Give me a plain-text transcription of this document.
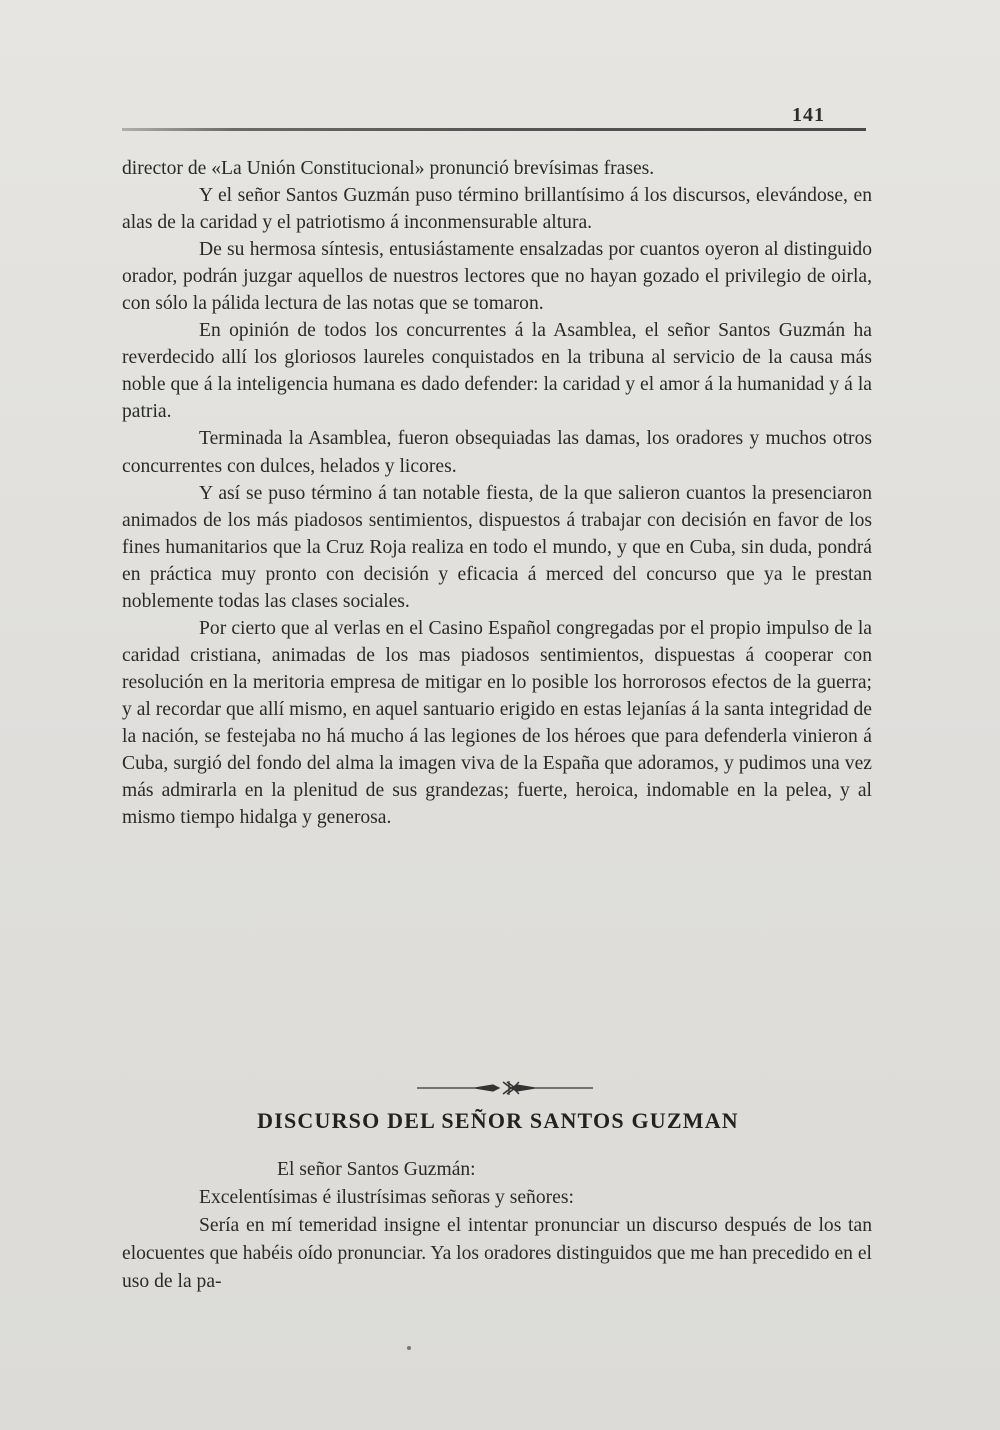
141

director de «La Unión Constitucional» pronunció brevísimas frases.

Y el señor Santos Guzmán puso término brillantísimo á los discursos, elevándose, en alas de la caridad y el patriotismo á inconmensurable altura.

De su hermosa síntesis, entusiástamente ensalzadas por cuantos oyeron al distinguido orador, podrán juzgar aquellos de nuestros lectores que no hayan gozado el privilegio de oirla, con sólo la pálida lectura de las notas que se tomaron.

En opinión de todos los concurrentes á la Asamblea, el señor Santos Guzmán ha reverdecido allí los gloriosos laureles conquistados en la tribuna al servicio de la causa más noble que á la inteligencia humana es dado defender: la caridad y el amor á la humanidad y á la patria.

Terminada la Asamblea, fueron obsequiadas las damas, los oradores y muchos otros concurrentes con dulces, helados y licores.

Y así se puso término á tan notable fiesta, de la que salieron cuantos la presenciaron animados de los más piadosos sentimientos, dispuestos á trabajar con decisión en favor de los fines humanitarios que la Cruz Roja realiza en todo el mundo, y que en Cuba, sin duda, pondrá en práctica muy pronto con decisión y eficacia á merced del concurso que ya le prestan noblemente todas las clases sociales.

Por cierto que al verlas en el Casino Español congregadas por el propio impulso de la caridad cristiana, animadas de los mas piadosos sentimientos, dispuestas á cooperar con resolución en la meritoria empresa de mitigar en lo posible los horrorosos efectos de la guerra; y al recordar que allí mismo, en aquel santuario erigido en estas lejanías á la santa integridad de la nación, se festejaba no há mucho á las legiones de los héroes que para defenderla vinieron á Cuba, surgió del fondo del alma la imagen viva de la España que adoramos, y pudimos una vez más admirarla en la plenitud de sus grandezas; fuerte, heroica, indomable en la pelea, y al mismo tiempo hidalga y generosa.

DISCURSO DEL SEÑOR SANTOS GUZMAN

El señor Santos Guzmán:

Excelentísimas é ilustrísimas señoras y señores:

Sería en mí temeridad insigne el intentar pronunciar un discurso después de los tan elocuentes que habéis oído pronunciar. Ya los oradores distinguidos que me han precedido en el uso de la pa-
